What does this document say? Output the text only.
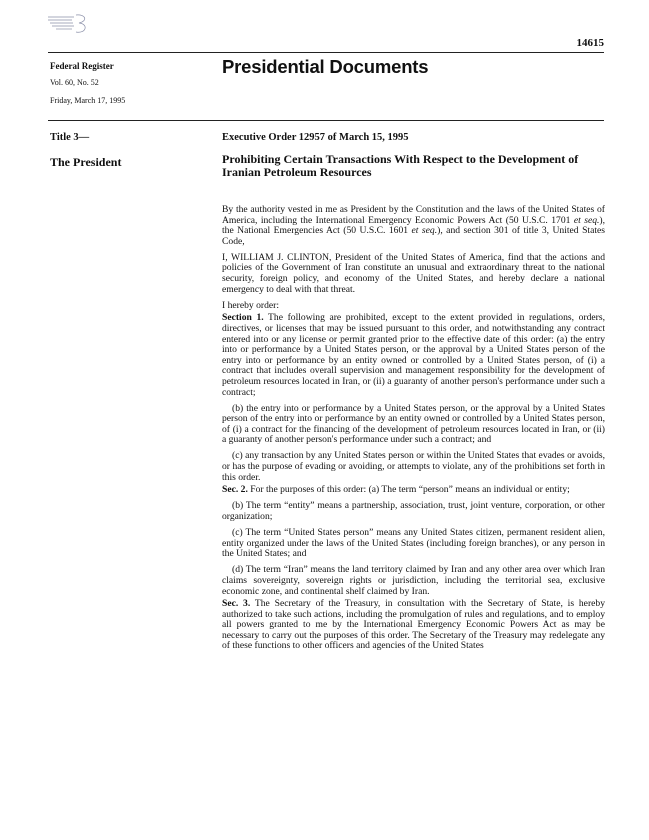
14615
Federal Register
Vol. 60, No. 52
Friday, March 17, 1995
Presidential Documents
Title 3—
The President
Executive Order 12957 of March 15, 1995
Prohibiting Certain Transactions With Respect to the Development of Iranian Petroleum Resources

By the authority vested in me as President by the Constitution and the laws of the United States of America, including the International Emergency Economic Powers Act (50 U.S.C. 1701 et seq.), the National Emergencies Act (50 U.S.C. 1601 et seq.), and section 301 of title 3, United States Code,

I, WILLIAM J. CLINTON, President of the United States of America, find that the actions and policies of the Government of Iran constitute an unusual and extraordinary threat to the national security, foreign policy, and economy of the United States, and hereby declare a national emergency to deal with that threat.

I hereby order:

Section 1. The following are prohibited, except to the extent provided in regulations, orders, directives, or licenses that may be issued pursuant to this order, and notwithstanding any contract entered into or any license or permit granted prior to the effective date of this order: (a) the entry into or performance by a United States person, or the approval by a United States person of the entry into or performance by an entity owned or controlled by a United States person, of (i) a contract that includes overall supervision and management responsibility for the development of petroleum resources located in Iran, or (ii) a guaranty of another person's performance under such a contract;

(b) the entry into or performance by a United States person, or the approval by a United States person of the entry into or performance by an entity owned or controlled by a United States person, of (i) a contract for the financing of the development of petroleum resources located in Iran, or (ii) a guaranty of another person's performance under such a contract; and

(c) any transaction by any United States person or within the United States that evades or avoids, or has the purpose of evading or avoiding, or attempts to violate, any of the prohibitions set forth in this order.

Sec. 2. For the purposes of this order: (a) The term “person” means an individual or entity;

(b) The term “entity” means a partnership, association, trust, joint venture, corporation, or other organization;

(c) The term “United States person” means any United States citizen, permanent resident alien, entity organized under the laws of the United States (including foreign branches), or any person in the United States; and

(d) The term “Iran” means the land territory claimed by Iran and any other area over which Iran claims sovereignty, sovereign rights or jurisdiction, including the territorial sea, exclusive economic zone, and continental shelf claimed by Iran.

Sec. 3. The Secretary of the Treasury, in consultation with the Secretary of State, is hereby authorized to take such actions, including the promulgation of rules and regulations, and to employ all powers granted to me by the International Emergency Economic Powers Act as may be necessary to carry out the purposes of this order. The Secretary of the Treasury may redelegate any of these functions to other officers and agencies of the United States
